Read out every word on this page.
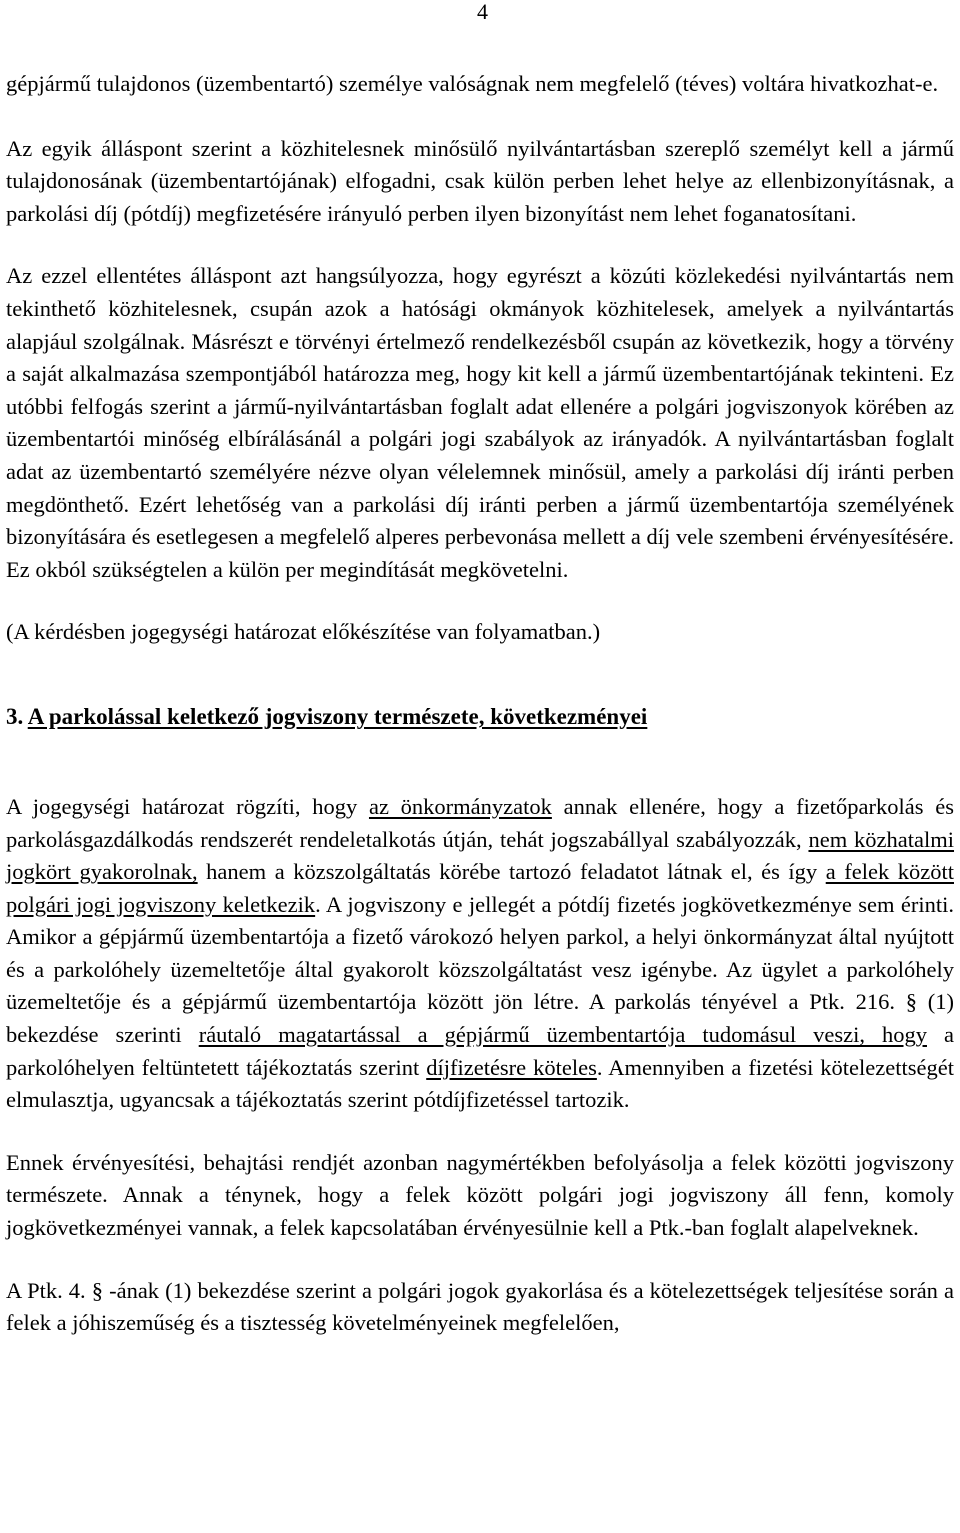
4

gépjármű tulajdonos (üzembentartó) személye valóságnak nem megfelelő (téves) voltára hivatkozhat-e.

Az egyik álláspont szerint a közhitelesnek minősülő nyilvántartásban szereplő személyt kell a jármű tulajdonosának (üzembentartójának) elfogadni, csak külön perben lehet helye az ellenbizonyításnak, a parkolási díj (pótdíj) megfizetésére irányuló perben ilyen bizonyítást nem lehet foganatosítani.

Az ezzel ellentétes álláspont azt hangsúlyozza, hogy egyrészt a közúti közlekedési nyilvántartás nem tekinthető közhitelesnek, csupán azok a hatósági okmányok közhitelesek, amelyek a nyilvántartás alapjául szolgálnak. Másrészt e törvényi értelmező rendelkezésből csupán az következik, hogy a törvény a saját alkalmazása szempontjából határozza meg, hogy kit kell a jármű üzembentartójának tekinteni. Ez utóbbi felfogás szerint a jármű-nyilvántartásban foglalt adat ellenére a polgári jogviszonyok körében az üzembentartói minőség elbírálásánál a polgári jogi szabályok az irányadók. A nyilvántartásban foglalt adat az üzembentartó személyére nézve olyan vélelemnek minősül, amely a parkolási díj iránti perben megdönthető. Ezért lehetőség van a parkolási díj iránti perben a jármű üzembentartója személyének bizonyítására és esetlegesen a megfelelő alperes perbevonása mellett a díj vele szembeni érvényesítésére. Ez okból szükségtelen a külön per megindítását megkövetelni.

(A kérdésben jogegységi határozat előkészítése van folyamatban.)

3. A parkolással keletkező jogviszony természete, következményei

A jogegységi határozat rögzíti, hogy az önkormányzatok annak ellenére, hogy a fizetőparkolás és parkolásgazdálkodás rendszerét rendeletalkotás útján, tehát jogszabállyal szabályozzák, nem közhatalmi jogkört gyakorolnak, hanem a közszolgáltatás körébe tartozó feladatot látnak el, és így a felek között polgári jogi jogviszony keletkezik. A jogviszony e jellegét a pótdíj fizetés jogkövetkezménye sem érinti. Amikor a gépjármű üzembentartója a fizető várokozó helyen parkol, a helyi önkormányzat által nyújtott és a parkolóhely üzemeltetője által gyakorolt közszolgáltatást vesz igénybe. Az ügylet a parkolóhely üzemeltetője és a gépjármű üzembentartója között jön létre. A parkolás tényével a Ptk. 216. § (1) bekezdése szerinti ráutaló magatartással a gépjármű üzembentartója tudomásul veszi, hogy a parkolóhelyen feltüntetett tájékoztatás szerint díjfizetésre köteles. Amennyiben a fizetési kötelezettségét elmulasztja, ugyancsak a tájékoztatás szerint pótdíjfizetéssel tartozik.

Ennek érvényesítési, behajtási rendjét azonban nagymértékben befolyásolja a felek közötti jogviszony természete. Annak a ténynek, hogy a felek között polgári jogi jogviszony áll fenn, komoly jogkövetkezményei vannak, a felek kapcsolatában érvényesülnie kell a Ptk.-ban foglalt alapelveknek.

A Ptk. 4. § -ának (1) bekezdése szerint a polgári jogok gyakorlása és a kötelezettségek teljesítése során a felek a jóhiszeműség és a tisztesség követelményeinek megfelelően,
